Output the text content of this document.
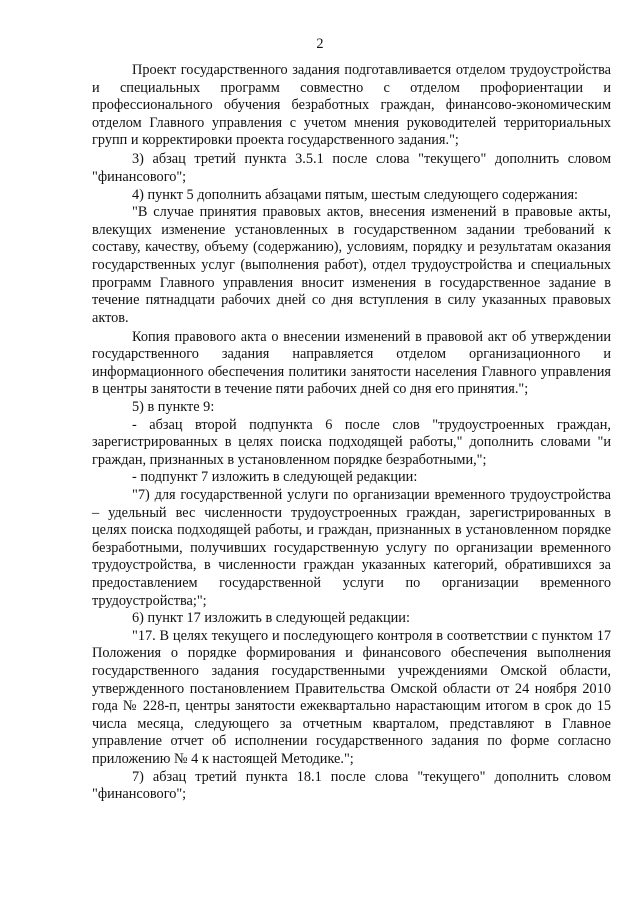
2

Проект государственного задания подготавливается отделом трудоустройства и специальных программ совместно с отделом профориентации и профессионального обучения безработных граждан, финансово-экономическим отделом Главного управления с учетом мнения руководителей территориальных групп и корректировки проекта государственного задания.";

3) абзац третий пункта 3.5.1 после слова "текущего" дополнить словом "финансового";

4) пункт 5 дополнить абзацами пятым, шестым следующего содержания:

"В случае принятия правовых актов, внесения изменений в правовые акты, влекущих изменение установленных в государственном задании требований к составу, качеству, объему (содержанию), условиям, порядку и результатам оказания государственных услуг (выполнения работ), отдел трудоустройства и специальных программ Главного управления вносит изменения в государственное задание в течение пятнадцати рабочих дней со дня вступления в силу указанных правовых актов.

Копия правового акта о внесении изменений в правовой акт об утверждении государственного задания направляется отделом организационного и информационного обеспечения политики занятости населения Главного управления в центры занятости в течение пяти рабочих дней со дня его принятия.";

5) в пункте 9:

- абзац второй подпункта 6 после слов "трудоустроенных граждан, зарегистрированных в целях поиска подходящей работы," дополнить словами "и граждан, признанных в установленном порядке безработными,";

- подпункт 7 изложить в следующей редакции:

"7) для государственной услуги по организации временного трудоустройства – удельный вес численности трудоустроенных граждан, зарегистрированных в целях поиска подходящей работы, и граждан, признанных в установленном порядке безработными, получивших государственную услугу по организации временного трудоустройства, в численности граждан указанных категорий, обратившихся за предоставлением государственной услуги по организации временного трудоустройства;";

6) пункт 17 изложить в следующей редакции:

"17. В целях текущего и последующего контроля в соответствии с пунктом 17 Положения о порядке формирования и финансового обеспечения выполнения государственного задания государственными учреждениями Омской области, утвержденного постановлением Правительства Омской области от 24 ноября 2010 года № 228-п, центры занятости ежеквартально нарастающим итогом в срок до 15 числа месяца, следующего за отчетным кварталом, представляют в Главное управление отчет об исполнении государственного задания по форме согласно приложению № 4 к настоящей Методике.";

7) абзац третий пункта 18.1 после слова "текущего" дополнить словом "финансового";
